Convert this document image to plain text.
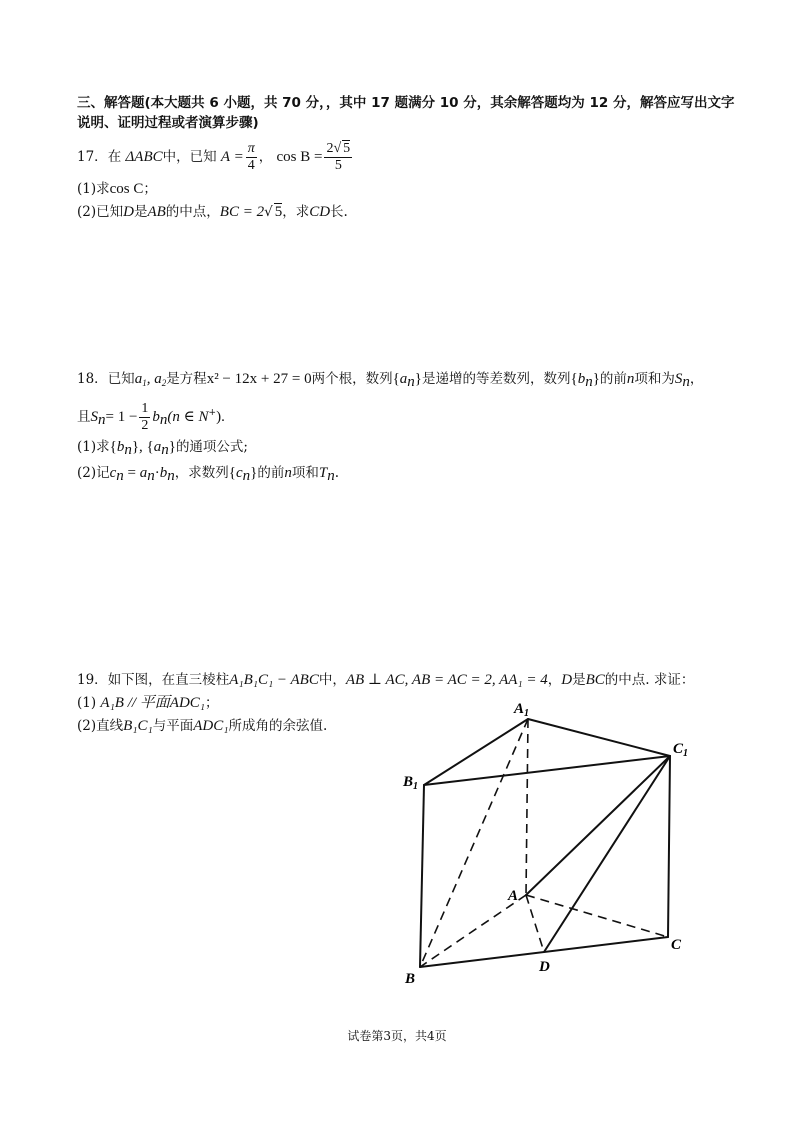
三、解答题(本大题共 6 小题，共 70 分，，其中 17 题满分 10 分，其余解答题均为 12 分，解答应写出文字
说明、证明过程或者演算步骤)
17．在 ΔABC中，已知 $A = \frac{\pi}{4}$ ， $\cos B = \frac{2√ 5}{5}$
(1)求cos C；
(2)已知D是AB的中点，BC = 2√ 5，求CD长.
18．已知$a_1$, $a_2$是方程x² − 12x + 27 = 0两个根，数列$\{a_n\}$是递增的等差数列，数列$\{b_n\}$的前n项和为$S_n$，
且$S_n= 1 - \frac{1}{2} b_n(n$ ∈ N+).
(1)求$\{b_n\}$, $\{a_n\}$的通项公式;
(2)记$c_n = a_n\cdot b_n$，求数列$\{c_n\}$的前n项和$T_n$.
19．如下图，在直三棱柱A₁B₁C₁ − ABC中，AB ⊥ AC, AB = AC = 2, AA₁ = 4，D是BC的中点. 求证：
(1) A₁B // 平面ADC₁；
(2)直线B₁C₁与平面ADC₁所成角的余弦值.
$A_1$
$B_1$
$C_1$
A
B
C
D
试卷第3页，共4页
